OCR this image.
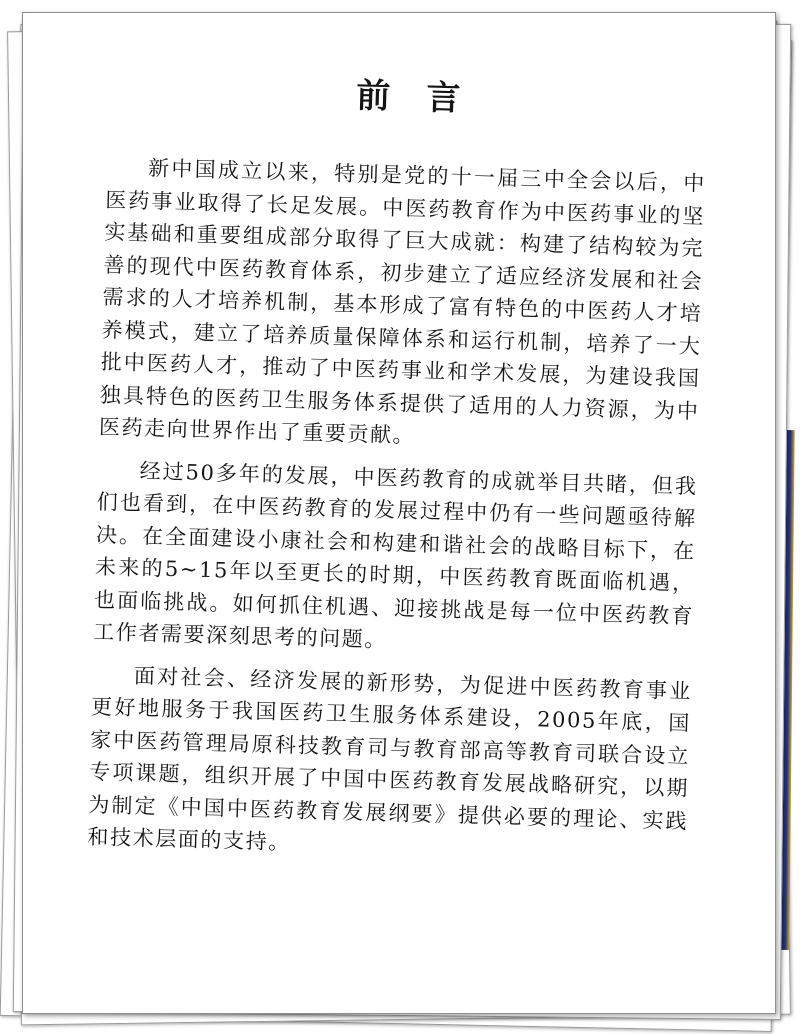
前言

新中国成立以来，特别是党的十一届三中全会以后，中医药事业取得了长足发展。中医药教育作为中医药事业的坚实基础和重要组成部分取得了巨大成就：构建了结构较为完善的现代中医药教育体系，初步建立了适应经济发展和社会需求的人才培养机制，基本形成了富有特色的中医药人才培养模式，建立了培养质量保障体系和运行机制，培养了一大批中医药人才，推动了中医药事业和学术发展，为建设我国独具特色的医药卫生服务体系提供了适用的人力资源，为中医药走向世界作出了重要贡献。

经过50多年的发展，中医药教育的成就举目共睹，但我们也看到，在中医药教育的发展过程中仍有一些问题亟待解决。在全面建设小康社会和构建和谐社会的战略目标下，在未来的5~15年以至更长的时期，中医药教育既面临机遇，也面临挑战。如何抓住机遇、迎接挑战是每一位中医药教育工作者需要深刻思考的问题。

面对社会、经济发展的新形势，为促进中医药教育事业更好地服务于我国医药卫生服务体系建设，2005年底，国家中医药管理局原科技教育司与教育部高等教育司联合设立专项课题，组织开展了中国中医药教育发展战略研究，以期为制定《中国中医药教育发展纲要》提供必要的理论、实践和技术层面的支持。
